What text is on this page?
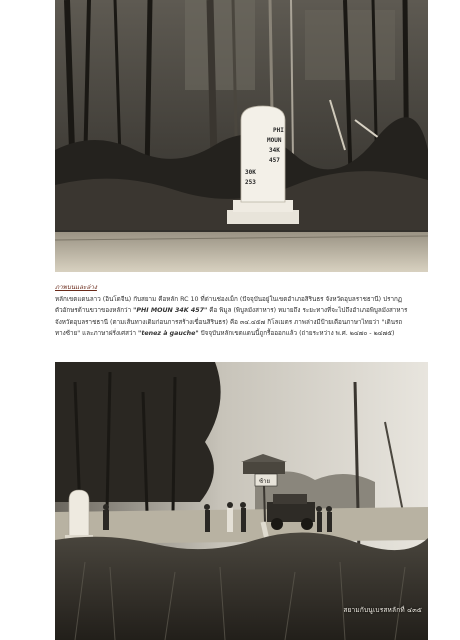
PHI
MOUN
34K
457
30K
253
ภาพบนและล่าง
หลักเขตแดนลาว (อินโดจีน) กับสยาม คือหลัก RC 10 ที่ด่านช่องเม็ก (ปัจจุบันอยู่ในเขตอำเภอสิรินธร จังหวัดอุบลราชธานี) ปรากฏ
ตัวอักษรด้านขวาของหลักว่า "PHI MOUN 34K 457" คือ พิมูล (พิบูลมังสาหาร) หมายถึง ระยะทางที่จะไปถึงอำเภอพิบูลมังสาหาร
จังหวัดอุบลราชธานี (ตามเส้นทางเดิมก่อนการสร้างเขื่อนสิรินธร) คือ ๓๔.๔๕๗ กิโลเมตร ภาพล่างมีป้ายเตือนภาษาไทยว่า "เดินรถ
ทางซ้าย" และภาษาฝรั่งเศสว่า "tenez à gauche" ปัจจุบันหลักเขตแดนนี้ถูกรื้อออกแล้ว (ถ่ายระหว่าง พ.ศ. ๒๔๗๐ - ๒๔๗๕)
ซ้าย
สยามกับนูเบรสหลักที่ ๔๓๕
